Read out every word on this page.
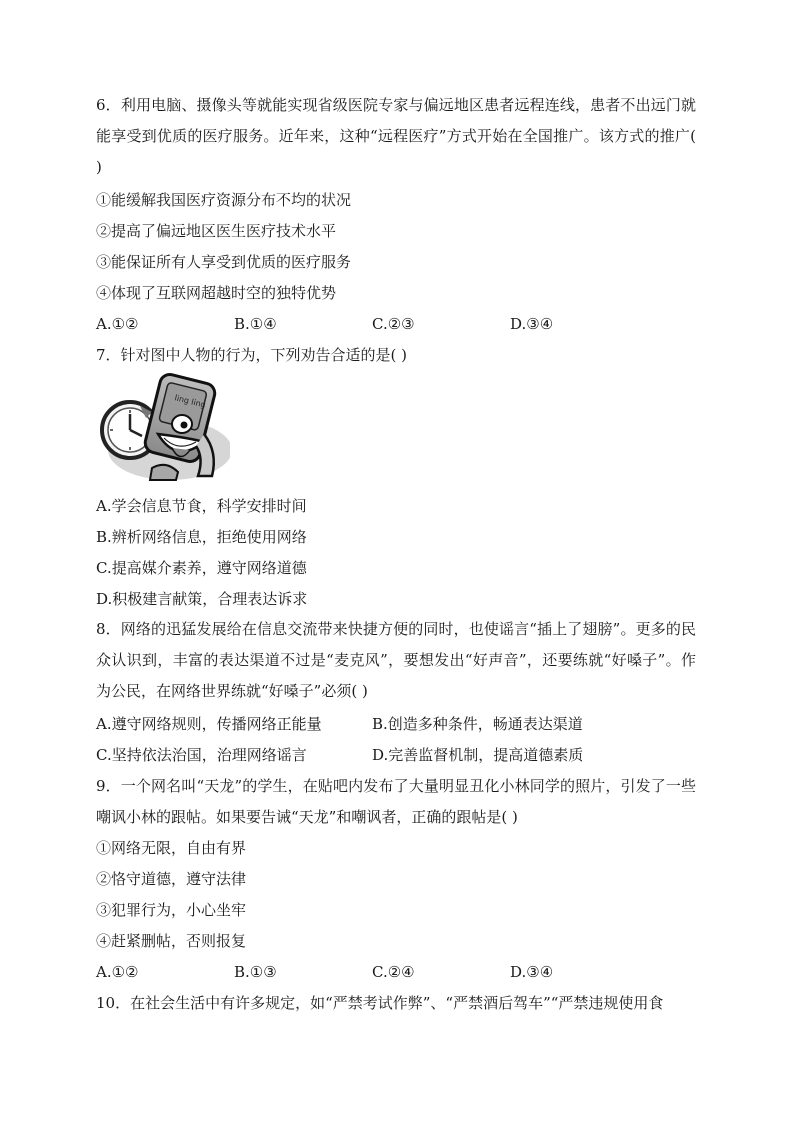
6．利用电脑、摄像头等就能实现省级医院专家与偏远地区患者远程连线，患者不出远门就能享受到优质的医疗服务。近年来，这种“远程医疗”方式开始在全国推广。该方式的推广( )
①能缓解我国医疗资源分布不均的状况
②提高了偏远地区医生医疗技术水平
③能保证所有人享受到优质的医疗服务
④体现了互联网超越时空的独特优势
A.①②	B.①④	C.②③	D.③④
7．针对图中人物的行为，下列劝告合适的是( )
ling ling
A.学会信息节食，科学安排时间
B.辨析网络信息，拒绝使用网络
C.提高媒介素养，遵守网络道德
D.积极建言献策，合理表达诉求
8．网络的迅猛发展给在信息交流带来快捷方便的同时，也使谣言“插上了翅膀”。更多的民众认识到，丰富的表达渠道不过是“麦克风”，要想发出“好声音”，还要练就“好嗓子”。作为公民，在网络世界练就“好嗓子”必须( )
A.遵守网络规则，传播网络正能量	B.创造多种条件，畅通表达渠道
C.坚持依法治国，治理网络谣言	D.完善监督机制，提高道德素质
9．一个网名叫“天龙”的学生，在贴吧内发布了大量明显丑化小林同学的照片，引发了一些嘲讽小林的跟帖。如果要告诫“天龙”和嘲讽者，正确的跟帖是( )
①网络无限，自由有界
②恪守道德，遵守法律
③犯罪行为，小心坐牢
④赶紧删帖，否则报复
A.①②	B.①③	C.②④	D.③④
10．在社会生活中有许多规定，如“严禁考试作弊”、“严禁酒后驾车”“严禁违规使用食
